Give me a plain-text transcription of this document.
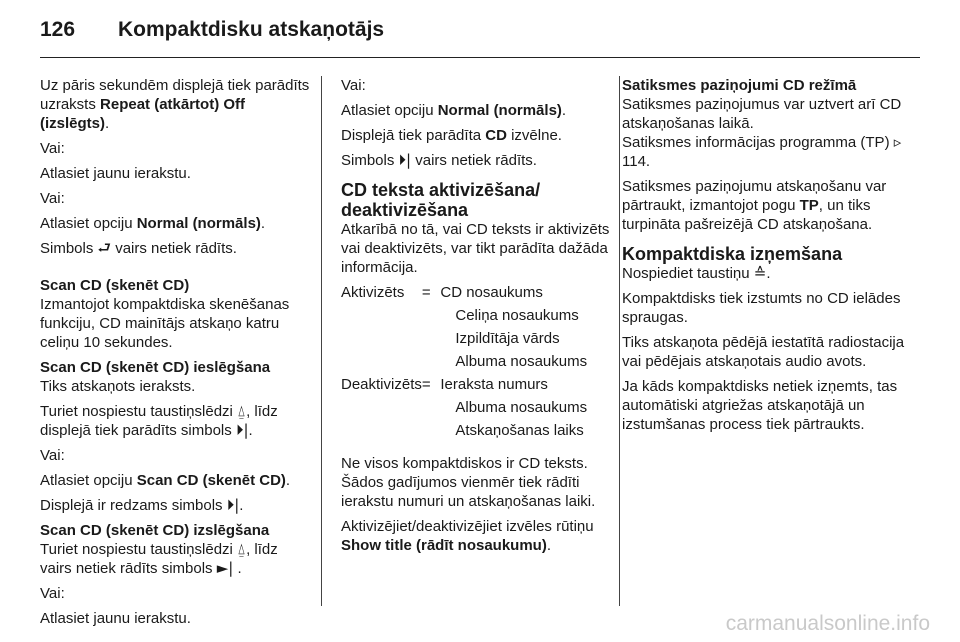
126 Kompaktdisku atskaņotājs

Uz pāris sekundēm displejā tiek parādīts uzraksts Repeat (atkārtot) Off (izslēgts).

Vai:

Atlasiet jaunu ierakstu.

Vai:

Atlasiet opciju Normal (normāls).

Simbols ⮐ vairs netiek rādīts.

Scan CD (skenēt CD)

Izmantojot kompaktdiska skenēšanas funkciju, CD mainītājs atskaņo katru celiņu 10 sekundes.

Scan CD (skenēt CD) ieslēgšana

Tiks atskaņots ieraksts.

Turiet nospiestu taustiņslēdzi ⍙, līdz displejā tiek parādīts simbols ⏵|.

Vai:

Atlasiet opciju Scan CD (skenēt CD).

Displejā ir redzams simbols ⏵|.

Scan CD (skenēt CD) izslēgšana

Turiet nospiestu taustiņslēdzi ⍙, līdz vairs netiek rādīts simbols ►| .

Vai:

Atlasiet jaunu ierakstu.

Vai:

Atlasiet opciju Normal (normāls).

Displejā tiek parādīta CD izvēlne.

Simbols ⏵| vairs netiek rādīts.

CD teksta aktivizēšana/ deaktivizēšana

Atkarībā no tā, vai CD teksts ir aktivizēts vai deaktivizēts, var tikt parādīta dažāda informācija.

Aktivizēts	=	CD nosaukums
		Celiņa nosaukums
		Izpildītāja vārds
		Albuma nosaukums
Deaktivizēts	=	Ieraksta numurs
		Albuma nosaukums
		Atskaņošanas laiks

Ne visos kompaktdiskos ir CD teksts. Šādos gadījumos vienmēr tiek rādīti ierakstu numuri un atskaņošanas laiki.

Aktivizējiet/deaktivizējiet izvēles rūtiņu Show title (rādīt nosaukumu).

Satiksmes paziņojumi CD režīmā

Satiksmes paziņojumus var uztvert arī CD atskaņošanas laikā.

Satiksmes informācijas programma (TP) ▹ 114.

Satiksmes paziņojumu atskaņošanu var pārtraukt, izmantojot pogu TP, un tiks turpināta pašreizējā CD atskaņošana.

Kompaktdiska izņemšana

Nospiediet taustiņu ≙.

Kompaktdisks tiek izstumts no CD ielādes spraugas.

Tiks atskaņota pēdējā iestatītā radiostacija vai pēdējais atskaņotais audio avots.

Ja kāds kompaktdisks netiek izņemts, tas automātiski atgriežas atskaņotājā un izstumšanas process tiek pārtraukts.

carmanualsonline.info
